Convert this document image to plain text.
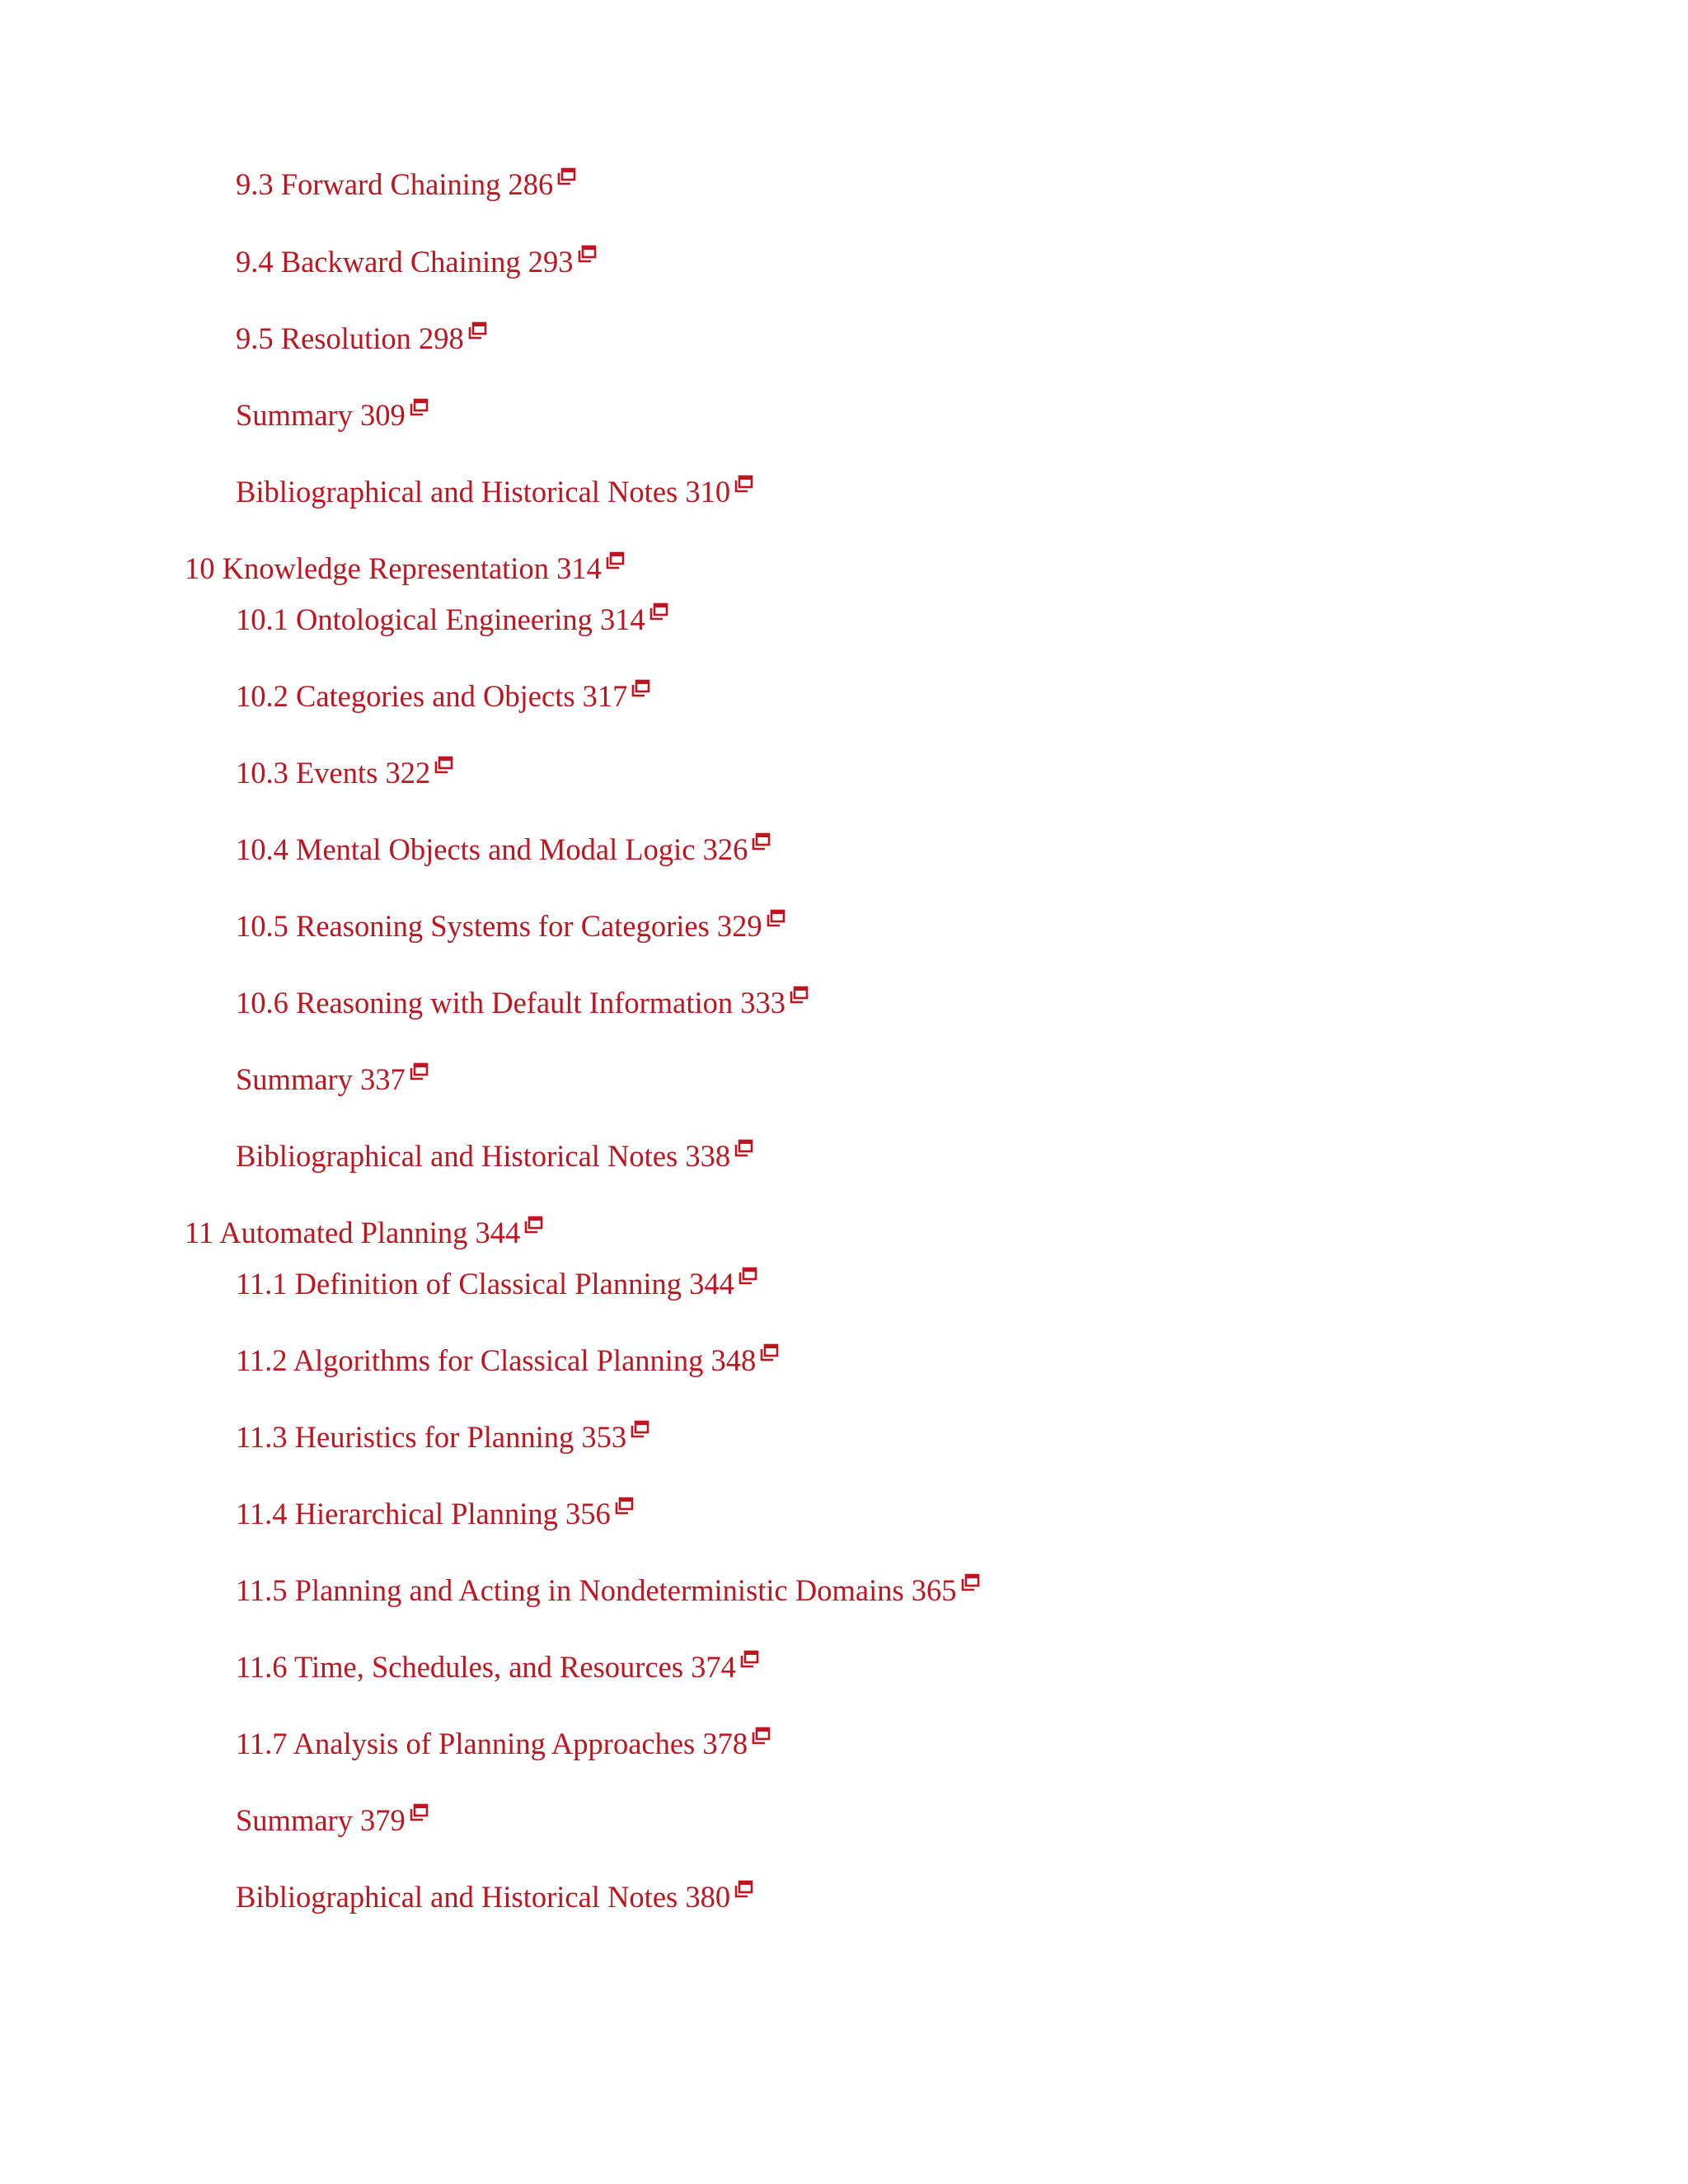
9.3 Forward Chaining 286
9.4 Backward Chaining 293
9.5 Resolution 298
Summary 309
Bibliographical and Historical Notes 310
10 Knowledge Representation 314
10.1 Ontological Engineering 314
10.2 Categories and Objects 317
10.3 Events 322
10.4 Mental Objects and Modal Logic 326
10.5 Reasoning Systems for Categories 329
10.6 Reasoning with Default Information 333
Summary 337
Bibliographical and Historical Notes 338
11 Automated Planning 344
11.1 Definition of Classical Planning 344
11.2 Algorithms for Classical Planning 348
11.3 Heuristics for Planning 353
11.4 Hierarchical Planning 356
11.5 Planning and Acting in Nondeterministic Domains 365
11.6 Time, Schedules, and Resources 374
11.7 Analysis of Planning Approaches 378
Summary 379
Bibliographical and Historical Notes 380
